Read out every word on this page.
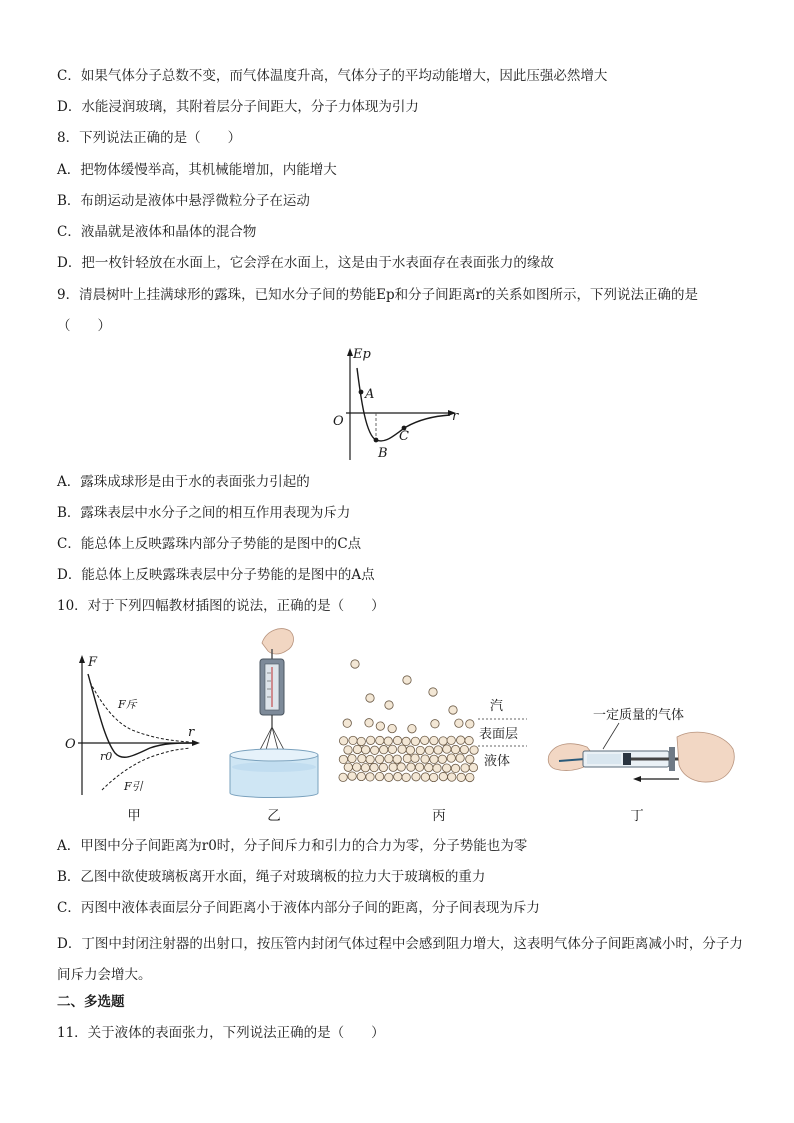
C．如果气体分子总数不变，而气体温度升高，气体分子的平均动能增大，因此压强必然增大
D．水能浸润玻璃，其附着层分子间距大，分子力体现为引力
8．下列说法正确的是（　　）
A．把物体缓慢举高，其机械能增加，内能增大
B．布朗运动是液体中悬浮微粒分子在运动
C．液晶就是液体和晶体的混合物
D．把一枚针轻放在水面上，它会浮在水面上，这是由于水表面存在表面张力的缘故
9．清晨树叶上挂满球形的露珠，已知水分子间的势能Ep和分子间距离r的关系如图所示，下列说法正确的是
（　　）
Ep
r
O
A
B
C
A．露珠成球形是由于水的表面张力引起的
B．露珠表层中水分子之间的相互作用表现为斥力
C．能总体上反映露珠内部分子势能的是图中的C点
D．能总体上反映露珠表层中分子势能的是图中的A点
10．对于下列四幅教材插图的说法，正确的是（　　）
F
r
O
r0
F斥
F引
甲	乙
汽
表面层
液体
丙
一定质量的气体
丁
A．甲图中分子间距离为r0时，分子间斥力和引力的合力为零，分子势能也为零
B．乙图中欲使玻璃板离开水面，绳子对玻璃板的拉力大于玻璃板的重力
C．丙图中液体表面层分子间距离小于液体内部分子间的距离，分子间表现为斥力
D．丁图中封闭注射器的出射口，按压管内封闭气体过程中会感到阻力增大，这表明气体分子间距离减小时，分子力间斥力会增大。
二、多选题
11．关于液体的表面张力，下列说法正确的是（　　）
